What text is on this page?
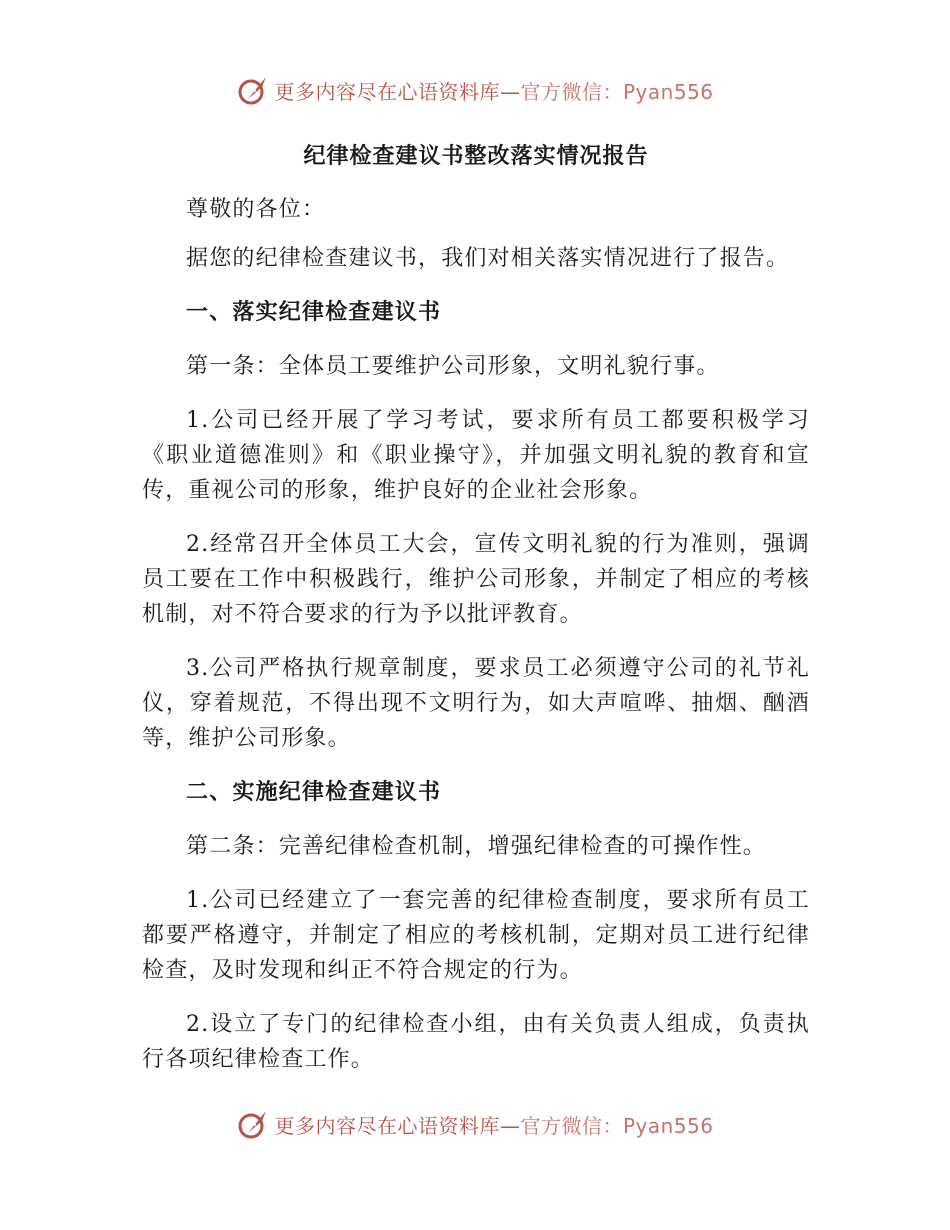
更多内容尽在心语资料库—官方微信：Pyan556
纪律检查建议书整改落实情况报告

尊敬的各位：

据您的纪律检查建议书，我们对相关落实情况进行了报告。

一、落实纪律检查建议书

第一条：全体员工要维护公司形象，文明礼貌行事。

1.公司已经开展了学习考试，要求所有员工都要积极学习《职业道德准则》和《职业操守》，并加强文明礼貌的教育和宣传，重视公司的形象，维护良好的企业社会形象。

2.经常召开全体员工大会，宣传文明礼貌的行为准则，强调员工要在工作中积极践行，维护公司形象，并制定了相应的考核机制，对不符合要求的行为予以批评教育。

3.公司严格执行规章制度，要求员工必须遵守公司的礼节礼仪，穿着规范，不得出现不文明行为，如大声喧哗、抽烟、酗酒等，维护公司形象。

二、实施纪律检查建议书

第二条：完善纪律检查机制，增强纪律检查的可操作性。

1.公司已经建立了一套完善的纪律检查制度，要求所有员工都要严格遵守，并制定了相应的考核机制，定期对员工进行纪律检查，及时发现和纠正不符合规定的行为。

2.设立了专门的纪律检查小组，由有关负责人组成，负责执行各项纪律检查工作。

更多内容尽在心语资料库—官方微信：Pyan556
